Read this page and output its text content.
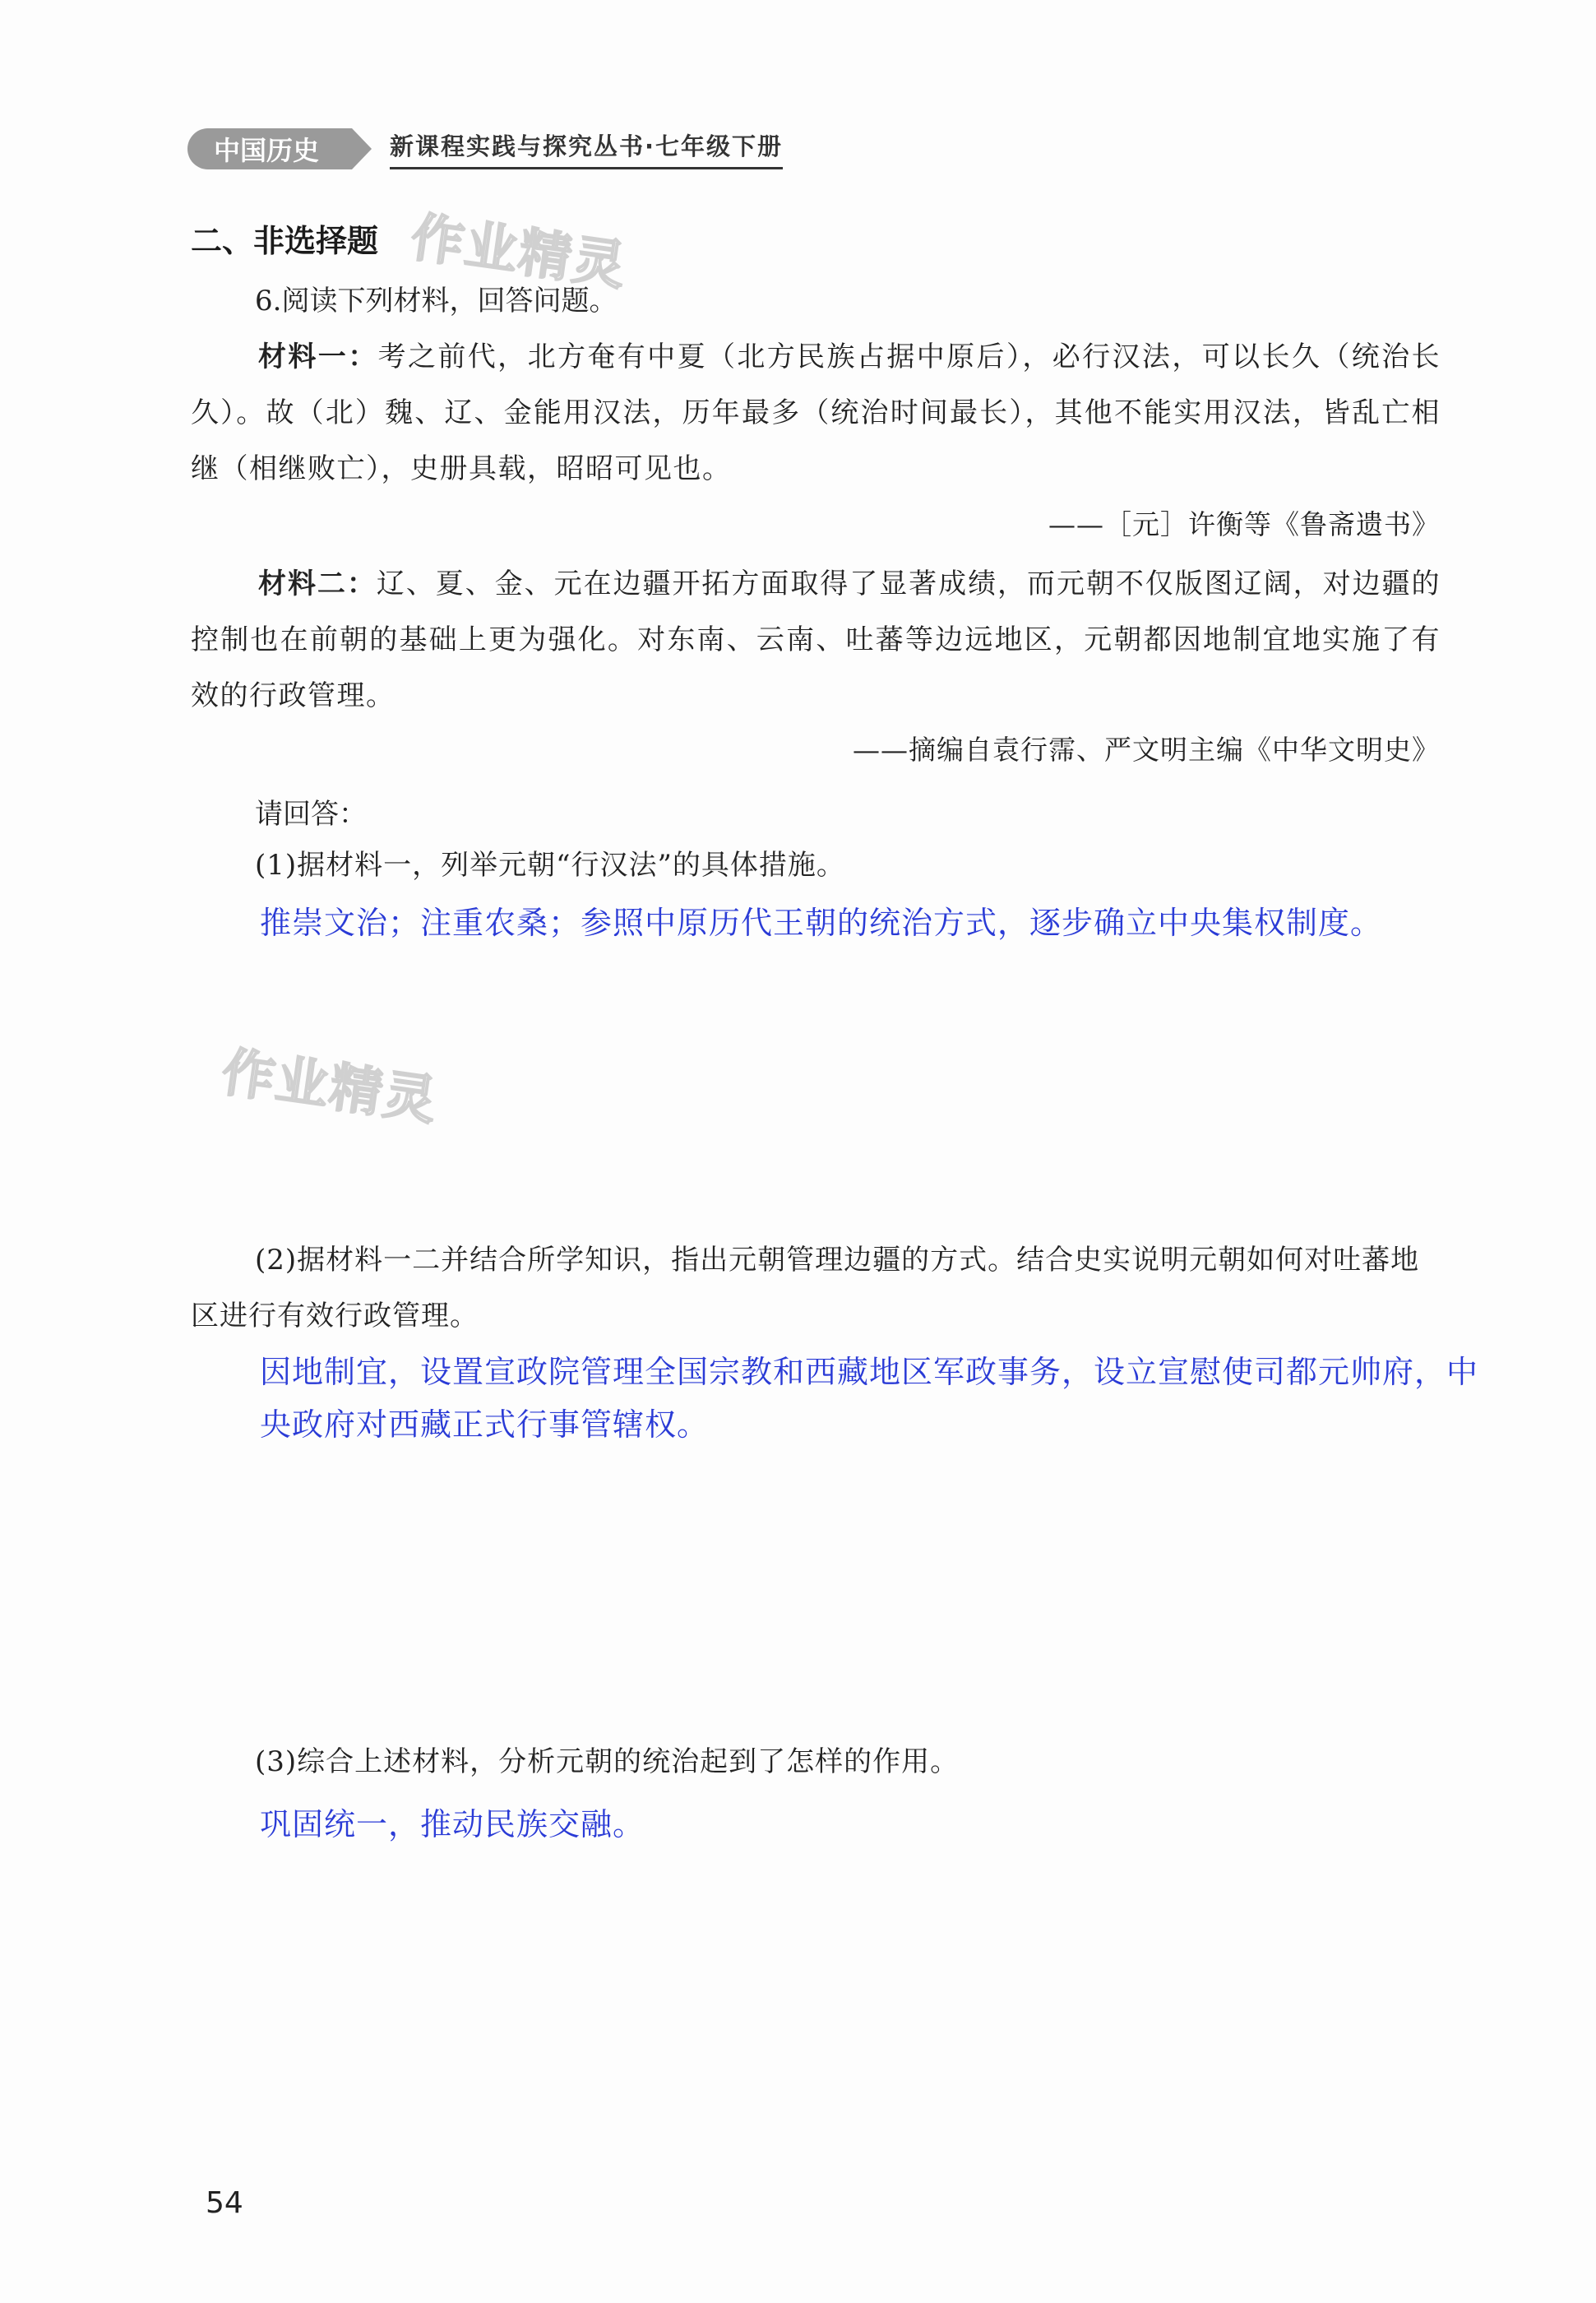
中国历史	新课程实践与探究丛书·七年级下册
作业精灵
作业精灵
二、非选择题
6.阅读下列材料，回答问题。
材料一：考之前代，北方奄有中夏（北方民族占据中原后），必行汉法，可以长久（统治长久）。故（北）魏、辽、金能用汉法，历年最多（统治时间最长），其他不能实用汉法，皆乱亡相继（相继败亡），史册具载，昭昭可见也。
——［元］许衡等《鲁斋遗书》
材料二：辽、夏、金、元在边疆开拓方面取得了显著成绩，而元朝不仅版图辽阔，对边疆的控制也在前朝的基础上更为强化。对东南、云南、吐蕃等边远地区，元朝都因地制宜地实施了有效的行政管理。
——摘编自袁行霈、严文明主编《中华文明史》
请回答：
(1)据材料一，列举元朝“行汉法”的具体措施。
推崇文治；注重农桑；参照中原历代王朝的统治方式，逐步确立中央集权制度。
(2)据材料一二并结合所学知识，指出元朝管理边疆的方式。结合史实说明元朝如何对吐蕃地区进行有效行政管理。
因地制宜，设置宣政院管理全国宗教和西藏地区军政事务，设立宣慰使司都元帅府，中央政府对西藏正式行事管辖权。
(3)综合上述材料，分析元朝的统治起到了怎样的作用。
巩固统一，推动民族交融。
54
